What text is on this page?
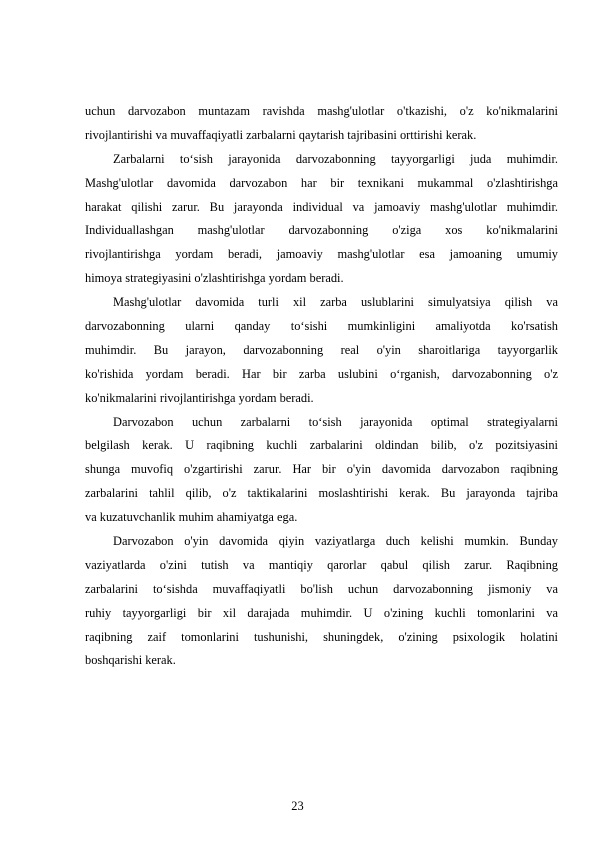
uchun darvozabon muntazam ravishda mashg'ulotlar o'tkazishi, o'z ko'nikmalarini
rivojlantirishi va muvaffaqiyatli zarbalarni qaytarish tajribasini orttirishi kerak.
Zarbalarni to‘sish jarayonida darvozabonning tayyorgarligi juda muhimdir.
Mashg'ulotlar davomida darvozabon har bir texnikani mukammal o'zlashtirishga
harakat qilishi zarur. Bu jarayonda individual va jamoaviy mashg'ulotlar muhimdir.
Individuallashgan mashg'ulotlar darvozabonning o'ziga xos ko'nikmalarini
rivojlantirishga yordam beradi, jamoaviy mashg'ulotlar esa jamoaning umumiy
himoya strategiyasini o'zlashtirishga yordam beradi.
Mashg'ulotlar davomida turli xil zarba uslublarini simulyatsiya qilish va
darvozabonning ularni qanday to‘sishi mumkinligini amaliyotda ko'rsatish
muhimdir. Bu jarayon, darvozabonning real o'yin sharoitlariga tayyorgarlik
ko'rishida yordam beradi. Har bir zarba uslubini o‘rganish, darvozabonning o'z
ko'nikmalarini rivojlantirishga yordam beradi.
Darvozabon uchun zarbalarni to‘sish jarayonida optimal strategiyalarni
belgilash kerak. U raqibning kuchli zarbalarini oldindan bilib, o'z pozitsiyasini
shunga muvofiq o'zgartirishi zarur. Har bir o'yin davomida darvozabon raqibning
zarbalarini tahlil qilib, o'z taktikalarini moslashtirishi kerak. Bu jarayonda tajriba
va kuzatuvchanlik muhim ahamiyatga ega.
Darvozabon o'yin davomida qiyin vaziyatlarga duch kelishi mumkin. Bunday
vaziyatlarda o'zini tutish va mantiqiy qarorlar qabul qilish zarur. Raqibning
zarbalarini to‘sishda muvaffaqiyatli bo'lish uchun darvozabonning jismoniy va
ruhiy tayyorgarligi bir xil darajada muhimdir. U o'zining kuchli tomonlarini va
raqibning zaif tomonlarini tushunishi, shuningdek, o'zining psixologik holatini
boshqarishi kerak.
23
